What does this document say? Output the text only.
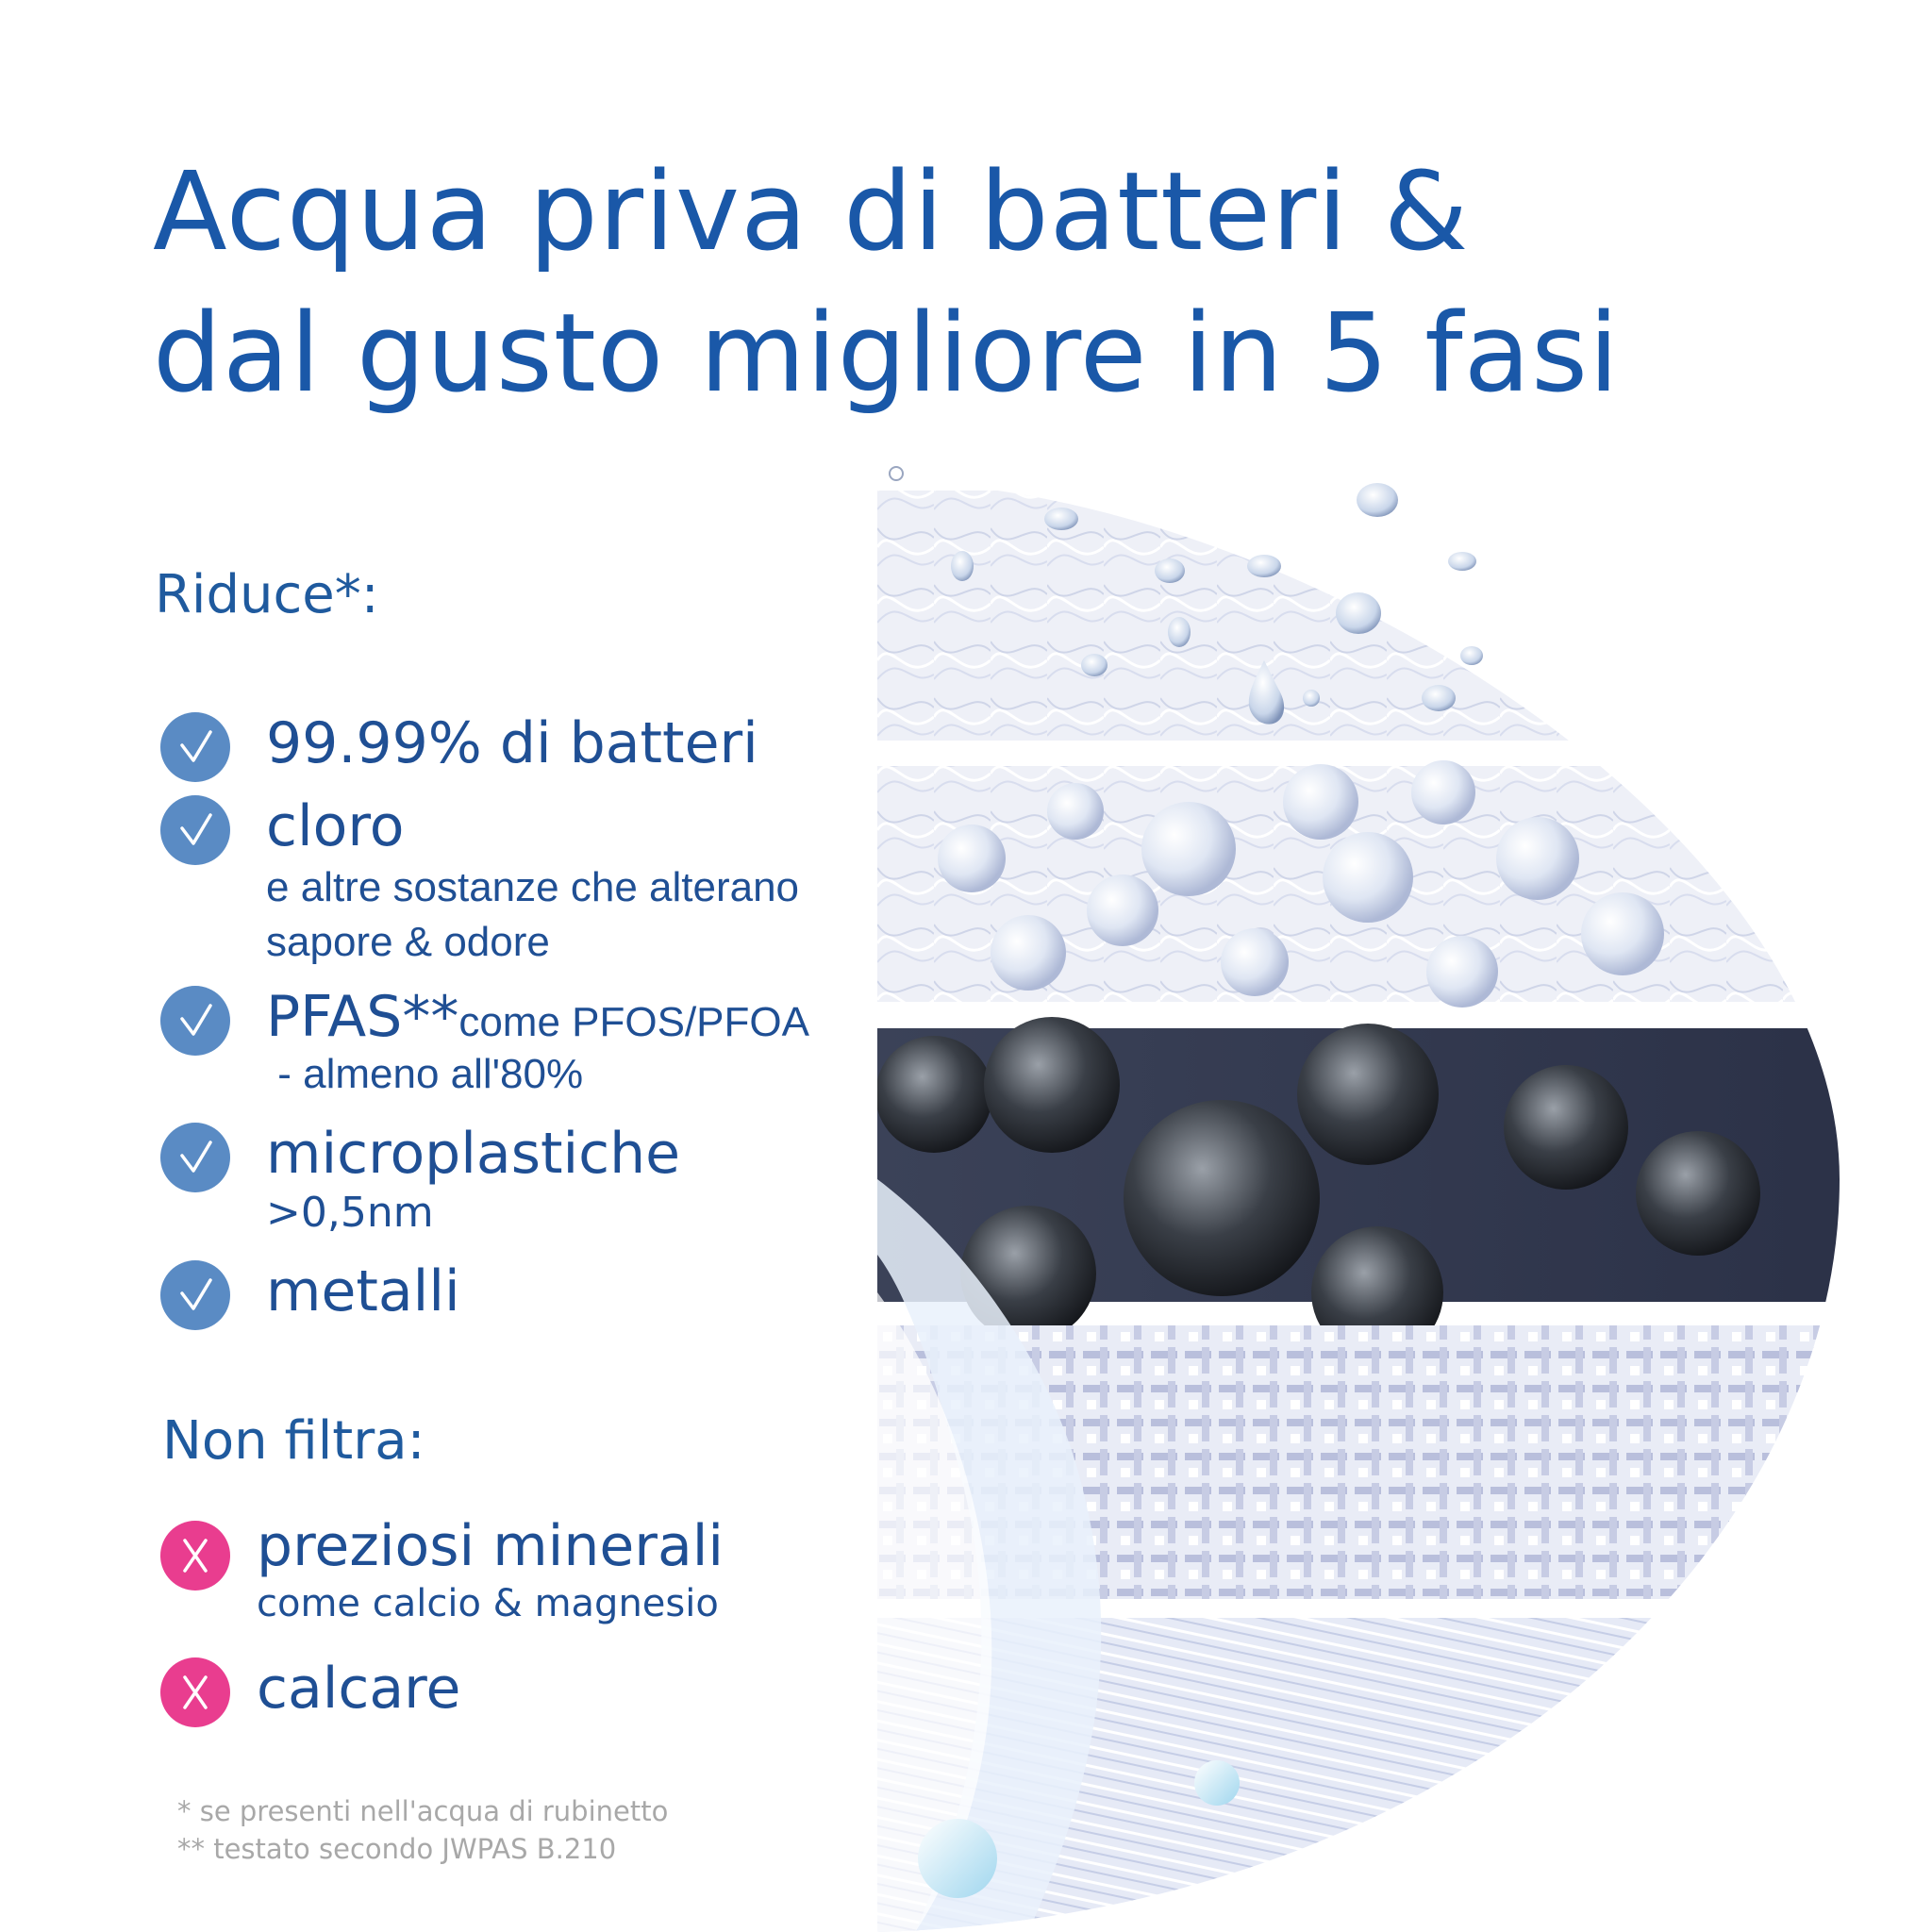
Acqua priva di batteri &
dal gusto migliore in 5 fasi
Riduce*:
99.99% di batteri
cloro
e altre sostanze che alterano
sapore & odore
PFAS**come PFOS/PFOA
- almeno all'80%
microplastiche
>0,5nm
metalli
Non filtra:
preziosi minerali
come calcio & magnesio
calcare
* se presenti nell'acqua di rubinetto
** testato secondo JWPAS B.210
